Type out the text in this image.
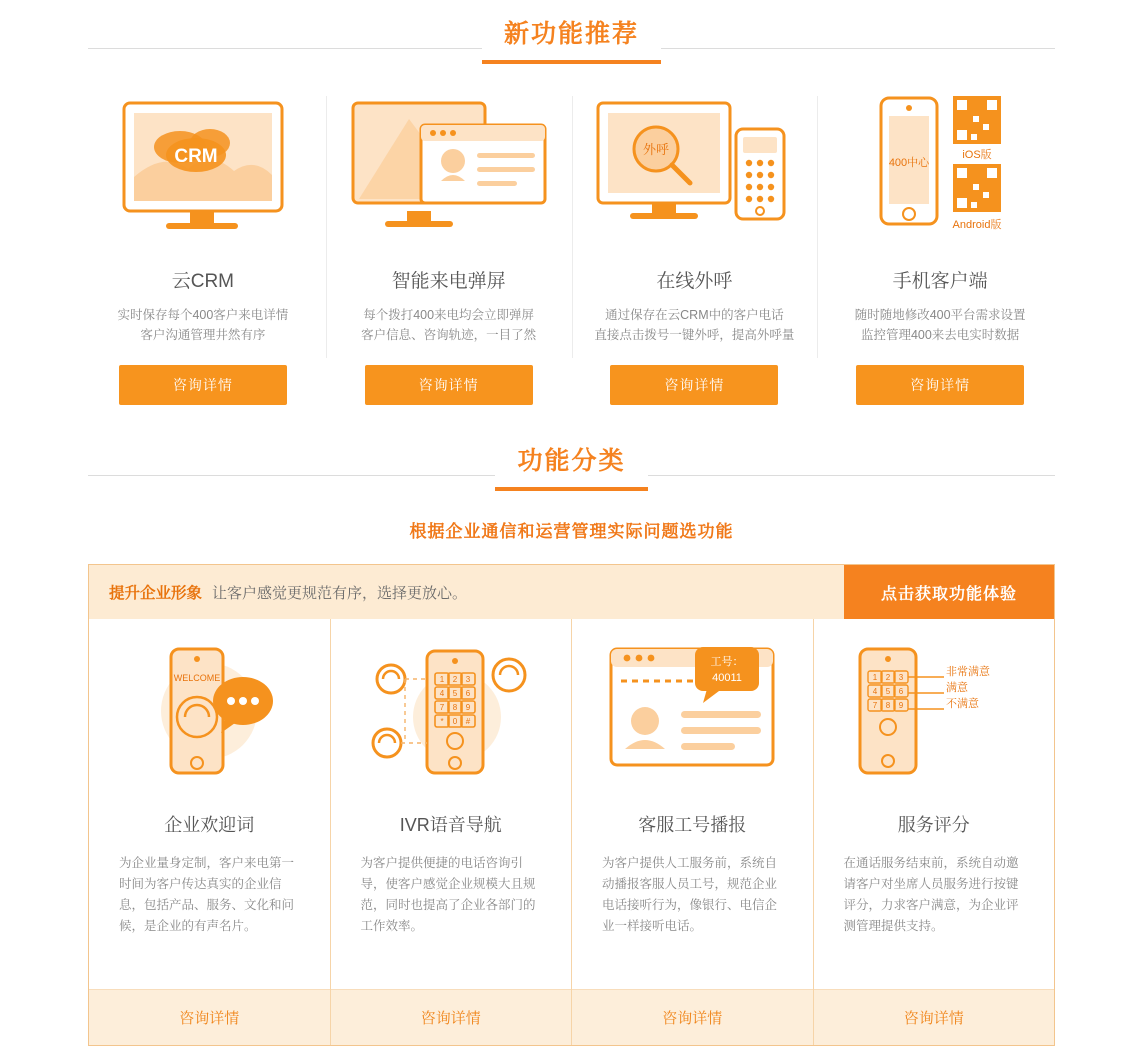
新功能推荐
CRM
云CRM
实时保存每个400客户来电详情
客户沟通管理井然有序
咨询详情
智能来电弹屏
每个拨打400来电均会立即弹屏
客户信息、咨询轨迹，一目了然
咨询详情
外呼
在线外呼
通过保存在云CRM中的客户电话
直接点击拨号一键外呼，提高外呼量
咨询详情
400中心
iOS版
Android版
手机客户端
随时随地修改400平台需求设置
监控管理400来去电实时数据
咨询详情
功能分类
根据企业通信和运营管理实际问题选功能
提升企业形象 让客户感觉更规范有序，选择更放心。	点击获取功能体验
WELCOME
企业欢迎词
为企业量身定制，客户来电第一时间为客户传达真实的企业信息，包括产品、服务、文化和问候，是企业的有声名片。
咨询详情
1 2 3
4 5 6
7 8 9
* 0 #
IVR语音导航
为客户提供便捷的电话咨询引导，使客户感觉企业规模大且规范，同时也提高了企业各部门的工作效率。
咨询详情
工号：
40011
客服工号播报
为客户提供人工服务前，系统自动播报客服人员工号，规范企业电话接听行为，像银行、电信企业一样接听电话。
咨询详情
1 2 3
4 5 6
7 8 9
非常满意
满意
不满意
服务评分
在通话服务结束前，系统自动邀请客户对坐席人员服务进行按键评分，力求客户满意，为企业评测管理提供支持。
咨询详情
